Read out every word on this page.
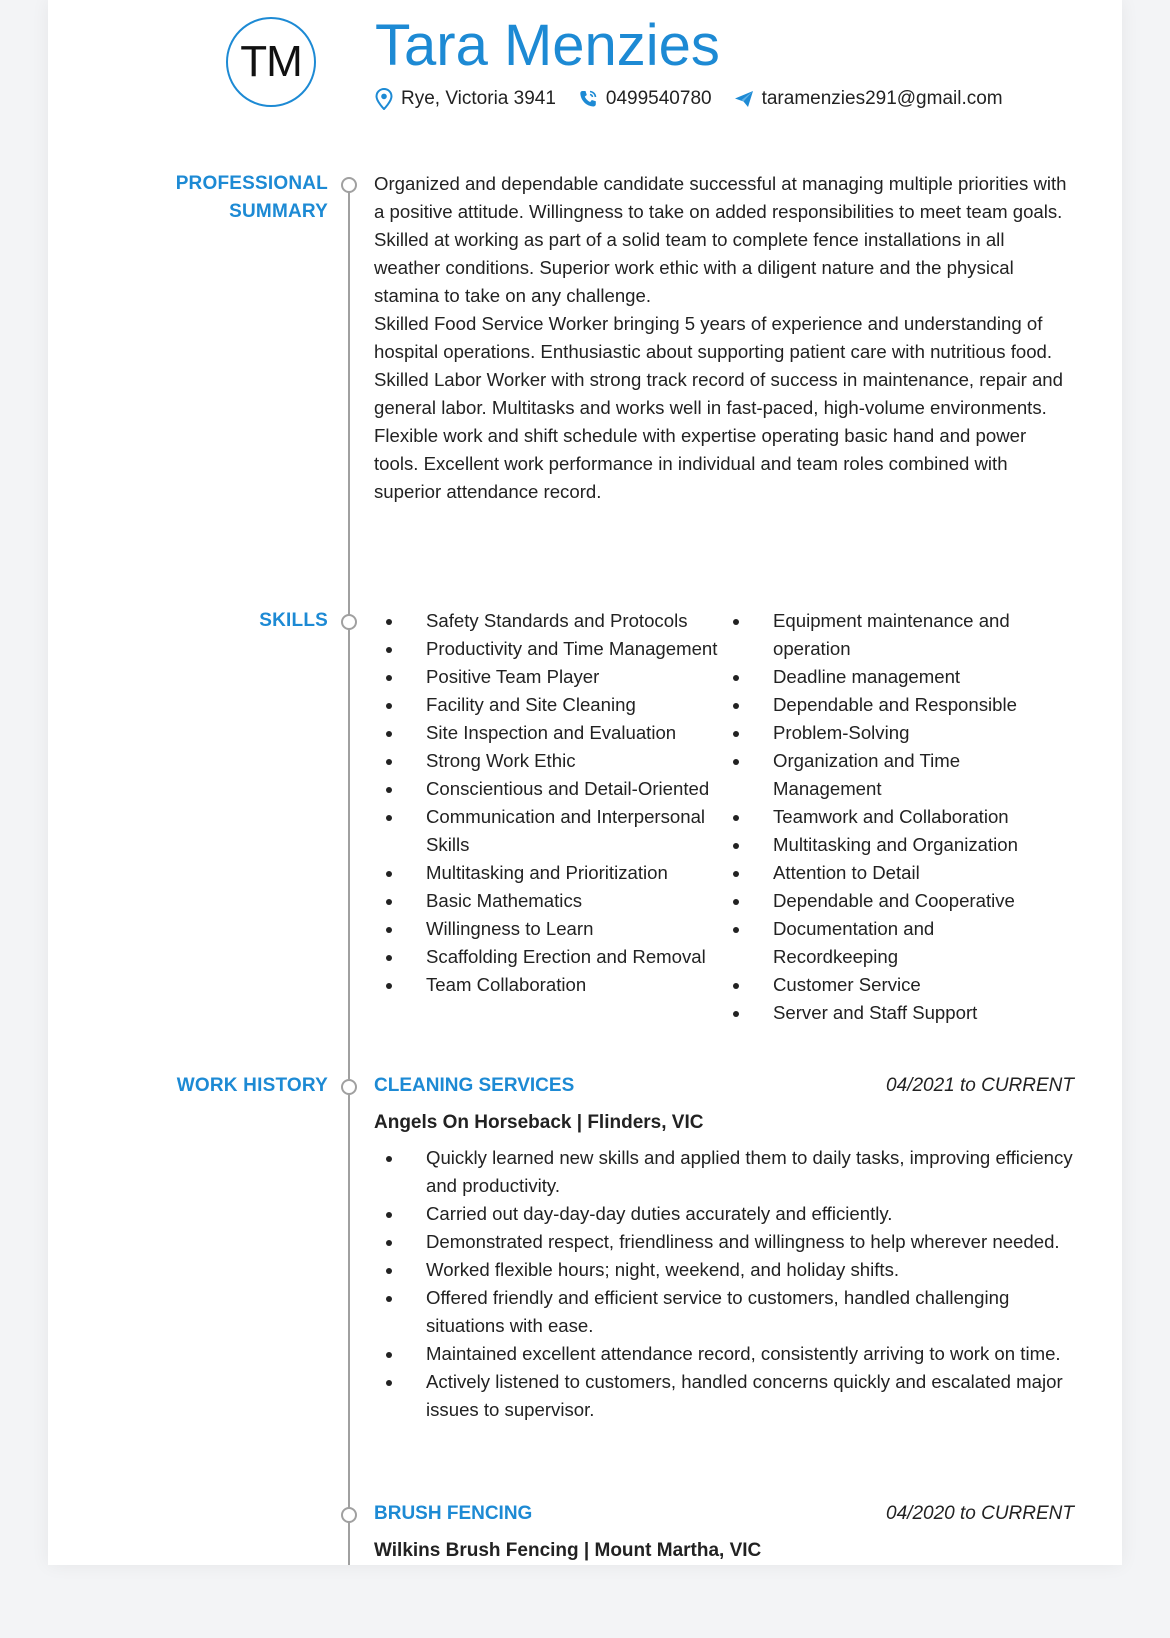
TM Tara Menzies
Rye, Victoria 3941	0499540780	taramenzies291@gmail.com
PROFESSIONAL
SUMMARY

Organized and dependable candidate successful at managing multiple priorities with a positive attitude. Willingness to take on added responsibilities to meet team goals.

Skilled at working as part of a solid team to complete fence installations in all weather conditions. Superior work ethic with a diligent nature and the physical stamina to take on any challenge.

Skilled Food Service Worker bringing 5 years of experience and understanding of hospital operations. Enthusiastic about supporting patient care with nutritious food.

Skilled Labor Worker with strong track record of success in maintenance, repair and general labor. Multitasks and works well in fast-paced, high-volume environments. Flexible work and shift schedule with expertise operating basic hand and power tools. Excellent work performance in individual and team roles combined with superior attendance record.

SKILLS	Safety Standards and Protocols
Productivity and Time Management
Positive Team Player
Facility and Site Cleaning
Site Inspection and Evaluation
Strong Work Ethic
Conscientious and Detail-Oriented
Communication and Interpersonal Skills
Multitasking and Prioritization
Basic Mathematics
Willingness to Learn
Scaffolding Erection and Removal
Team Collaboration
Equipment maintenance and operation
Deadline management
Dependable and Responsible
Problem-Solving
Organization and Time Management
Teamwork and Collaboration
Multitasking and Organization
Attention to Detail
Dependable and Cooperative
Documentation and Recordkeeping
Customer Service
Server and Staff Support
WORK HISTORY CLEANING SERVICES	04/2021 to CURRENT
Angels On Horseback | Flinders, VIC
Quickly learned new skills and applied them to daily tasks, improving efficiency and productivity.
Carried out day-day-day duties accurately and efficiently.
Demonstrated respect, friendliness and willingness to help wherever needed.
Worked flexible hours; night, weekend, and holiday shifts.
Offered friendly and efficient service to customers, handled challenging situations with ease.
Maintained excellent attendance record, consistently arriving to work on time.
Actively listened to customers, handled concerns quickly and escalated major issues to supervisor.
BRUSH FENCING	04/2020 to CURRENT
Wilkins Brush Fencing | Mount Martha, VIC
